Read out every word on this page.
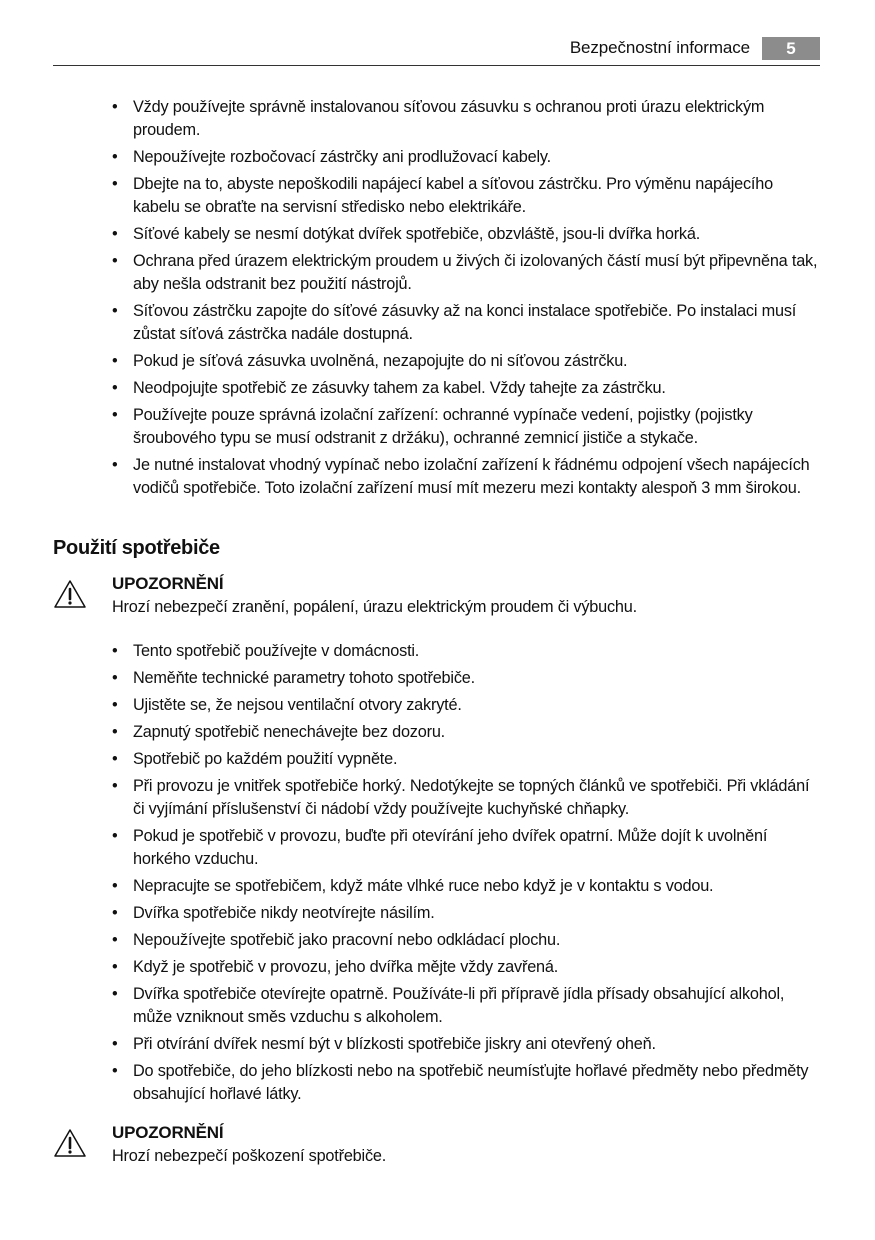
Bezpečnostní informace	5
• Vždy používejte správně instalovanou síťovou zásuvku s ochranou proti úrazu elektrickým proudem.
• Nepoužívejte rozbočovací zástrčky ani prodlužovací kabely.
• Dbejte na to, abyste nepoškodili napájecí kabel a síťovou zástrčku. Pro výměnu napájecího kabelu se obraťte na servisní středisko nebo elektrikáře.
• Síťové kabely se nesmí dotýkat dvířek spotřebiče, obzvláště, jsou-li dvířka horká.
• Ochrana před úrazem elektrickým proudem u živých či izolovaných částí musí být připevněna tak, aby nešla odstranit bez použití nástrojů.
• Síťovou zástrčku zapojte do síťové zásuvky až na konci instalace spotřebiče. Po instalaci musí zůstat síťová zástrčka nadále dostupná.
• Pokud je síťová zásuvka uvolněná, nezapojujte do ni síťovou zástrčku.
• Neodpojujte spotřebič ze zásuvky tahem za kabel. Vždy tahejte za zástrčku.
• Používejte pouze správná izolační zařízení: ochranné vypínače vedení, pojistky (pojistky šroubového typu se musí odstranit z držáku), ochranné zemnicí jističe a stykače.
• Je nutné instalovat vhodný vypínač nebo izolační zařízení k řádnému odpojení všech napájecích vodičů spotřebiče. Toto izolační zařízení musí mít mezeru mezi kontakty alespoň 3 mm širokou.
Použití spotřebiče
UPOZORNĚNÍ
Hrozí nebezpečí zranění, popálení, úrazu elektrickým proudem či výbuchu.
• Tento spotřebič používejte v domácnosti.
• Neměňte technické parametry tohoto spotřebiče.
• Ujistěte se, že nejsou ventilační otvory zakryté.
• Zapnutý spotřebič nenechávejte bez dozoru.
• Spotřebič po každém použití vypněte.
• Při provozu je vnitřek spotřebiče horký. Nedotýkejte se topných článků ve spotřebiči. Při vkládání či vyjímání příslušenství či nádobí vždy používejte kuchyňské chňapky.
• Pokud je spotřebič v provozu, buďte při otevírání jeho dvířek opatrní. Může dojít k uvolnění horkého vzduchu.
• Nepracujte se spotřebičem, když máte vlhké ruce nebo když je v kontaktu s vodou.
• Dvířka spotřebiče nikdy neotvírejte násilím.
• Nepoužívejte spotřebič jako pracovní nebo odkládací plochu.
• Když je spotřebič v provozu, jeho dvířka mějte vždy zavřená.
• Dvířka spotřebiče otevírejte opatrně. Používáte-li při přípravě jídla přísady obsahující alkohol, může vzniknout směs vzduchu s alkoholem.
• Při otvírání dvířek nesmí být v blízkosti spotřebiče jiskry ani otevřený oheň.
• Do spotřebiče, do jeho blízkosti nebo na spotřebič neumísťujte hořlavé předměty nebo předměty obsahující hořlavé látky.
UPOZORNĚNÍ
Hrozí nebezpečí poškození spotřebiče.
